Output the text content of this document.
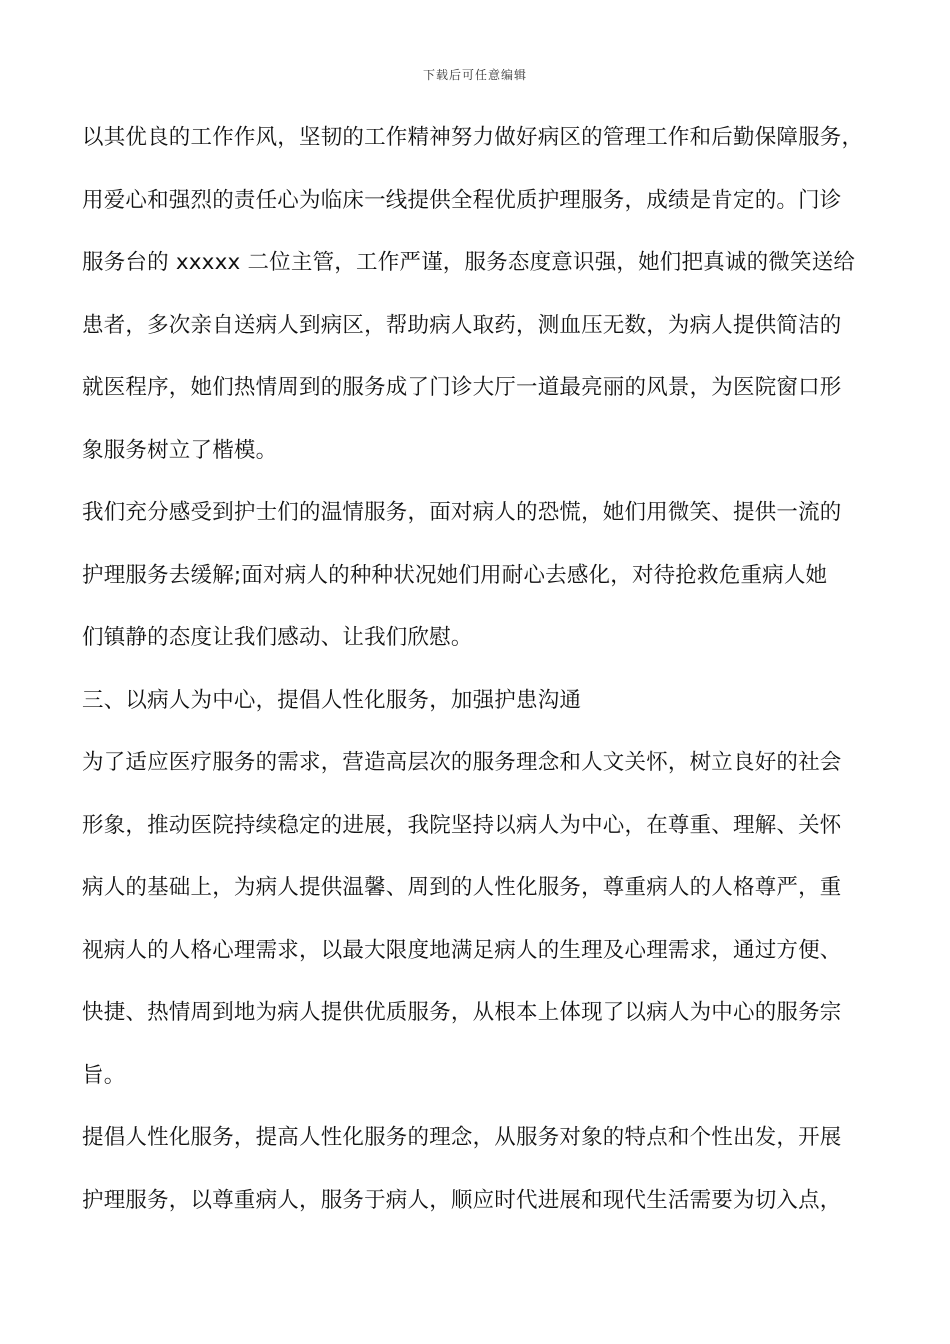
下载后可任意编辑
以其优良的工作作风，坚韧的工作精神努力做好病区的管理工作和后勤保障服务，
用爱心和强烈的责任心为临床一线提供全程优质护理服务，成绩是肯定的。门诊
服务台的 xxxxx 二位主管，工作严谨，服务态度意识强，她们把真诚的微笑送给
患者，多次亲自送病人到病区，帮助病人取药，测血压无数，为病人提供简洁的
就医程序，她们热情周到的服务成了门诊大厅一道最亮丽的风景，为医院窗口形
象服务树立了楷模。
我们充分感受到护士们的温情服务，面对病人的恐慌，她们用微笑、提供一流的
护理服务去缓解;面对病人的种种状况她们用耐心去感化，对待抢救危重病人她
们镇静的态度让我们感动、让我们欣慰。
三、以病人为中心，提倡人性化服务，加强护患沟通
为了适应医疗服务的需求，营造高层次的服务理念和人文关怀，树立良好的社会
形象，推动医院持续稳定的进展，我院坚持以病人为中心，在尊重、理解、关怀
病人的基础上，为病人提供温馨、周到的人性化服务，尊重病人的人格尊严，重
视病人的人格心理需求，以最大限度地满足病人的生理及心理需求，通过方便、
快捷、热情周到地为病人提供优质服务，从根本上体现了以病人为中心的服务宗
旨。
提倡人性化服务，提高人性化服务的理念，从服务对象的特点和个性出发，开展
护理服务，以尊重病人，服务于病人，顺应时代进展和现代生活需要为切入点，
